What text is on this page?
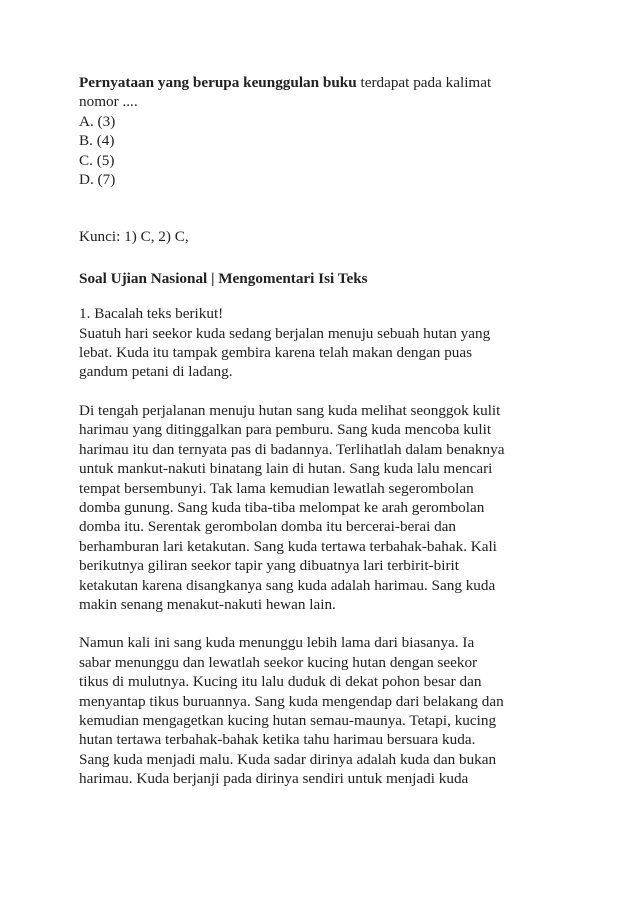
Pernyataan yang berupa keunggulan buku terdapat pada kalimat
nomor ....
A. (3)
B. (4)
C. (5)
D. (7)
Kunci: 1) C, 2) C,
Soal Ujian Nasional | Mengomentari Isi Teks
1. Bacalah teks berikut!
Suatuh hari seekor kuda sedang berjalan menuju sebuah hutan yang
lebat. Kuda itu tampak gembira karena telah makan dengan puas
gandum petani di ladang.
Di tengah perjalanan menuju hutan sang kuda melihat seonggok kulit
harimau yang ditinggalkan para pemburu. Sang kuda mencoba kulit
harimau itu dan ternyata pas di badannya. Terlihatlah dalam benaknya
untuk mankut-nakuti binatang lain di hutan. Sang kuda lalu mencari
tempat bersembunyi. Tak lama kemudian lewatlah segerombolan
domba gunung. Sang kuda tiba-tiba melompat ke arah gerombolan
domba itu. Serentak gerombolan domba itu bercerai-berai dan
berhamburan lari ketakutan. Sang kuda tertawa terbahak-bahak. Kali
berikutnya giliran seekor tapir yang dibuatnya lari terbirit-birit
ketakutan karena disangkanya sang kuda adalah harimau. Sang kuda
makin senang menakut-nakuti hewan lain.
Namun kali ini sang kuda menunggu lebih lama dari biasanya. Ia
sabar menunggu dan lewatlah seekor kucing hutan dengan seekor
tikus di mulutnya. Kucing itu lalu duduk di dekat pohon besar dan
menyantap tikus buruannya. Sang kuda mengendap dari belakang dan
kemudian mengagetkan kucing hutan semau-maunya. Tetapi, kucing
hutan tertawa terbahak-bahak ketika tahu harimau bersuara kuda.
Sang kuda menjadi malu. Kuda sadar dirinya adalah kuda dan bukan
harimau. Kuda berjanji pada dirinya sendiri untuk menjadi kuda
